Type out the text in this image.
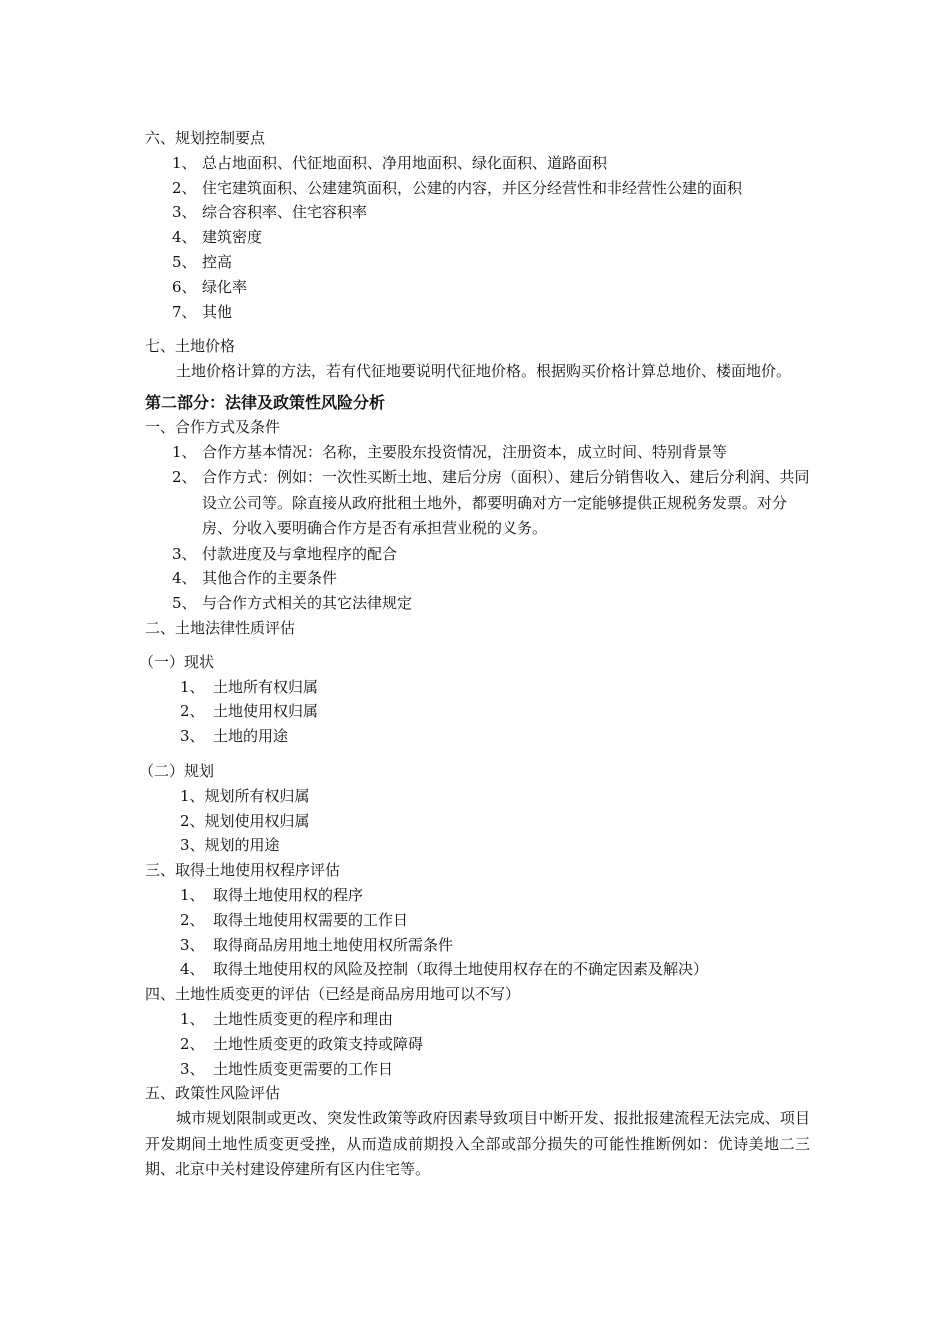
六、规划控制要点
1、 总占地面积、代征地面积、净用地面积、绿化面积、道路面积
2、 住宅建筑面积、公建建筑面积，公建的内容，并区分经营性和非经营性公建的面积
3、 综合容积率、住宅容积率
4、 建筑密度
5、 控高
6、 绿化率
7、 其他
七、土地价格
土地价格计算的方法，若有代征地要说明代征地价格。根据购买价格计算总地价、楼面地价。
第二部分：法律及政策性风险分析
一、合作方式及条件
1、 合作方基本情况：名称，主要股东投资情况，注册资本，成立时间、特别背景等
2、 合作方式：例如：一次性买断土地、建后分房（面积）、建后分销售收入、建后分利润、共同设立公司等。除直接从政府批租土地外，都要明确对方一定能够提供正规税务发票。对分房、分收入要明确合作方是否有承担营业税的义务。
3、 付款进度及与拿地程序的配合
4、 其他合作的主要条件
5、 与合作方式相关的其它法律规定
二、土地法律性质评估
（一）现状
1、 土地所有权归属
2、 土地使用权归属
3、 土地的用途
（二）规划
1、规划所有权归属
2、规划使用权归属
3、规划的用途
三、取得土地使用权程序评估
1、 取得土地使用权的程序
2、 取得土地使用权需要的工作日
3、 取得商品房用地土地使用权所需条件
4、 取得土地使用权的风险及控制（取得土地使用权存在的不确定因素及解决）
四、土地性质变更的评估（已经是商品房用地可以不写）
1、 土地性质变更的程序和理由
2、 土地性质变更的政策支持或障碍
3、 土地性质变更需要的工作日
五、政策性风险评估
城市规划限制或更改、突发性政策等政府因素导致项目中断开发、报批报建流程无法完成、项目开发期间土地性质变更受挫，从而造成前期投入全部或部分损失的可能性推断例如：优诗美地二三期、北京中关村建设停建所有区内住宅等。
